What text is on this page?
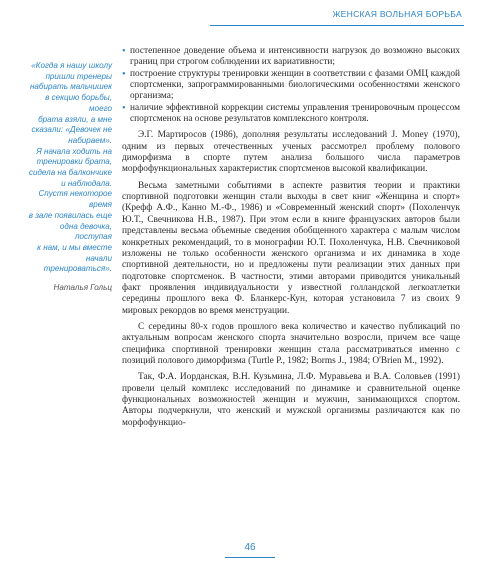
ЖЕНСКАЯ ВОЛЬНАЯ БОРЬБА
«Когда я нашу школу
пришли тренеры
набирать мальчишек
в секцию борьбы, моего
брата взяли, а мне
сказали: «Девочек не
набираем».
Я начала ходить на
тренировки брата,
сидела на балкончике
и наблюдала.
Спустя некоторое время
в зале появилась еще
одна девочка, поступая
к нам, и мы вместе начали
тренироваться».
Наталья Гольц

• постепенное доведение объема и интенсивности нагрузок до возможно высоких границ при строгом соблюдении их вариативности;

• построение структуры тренировки женщин в соответствии с фазами ОМЦ каждой спортсменки, запрограммированными биологическими особенностями женского организма;

• наличие эффективной коррекции системы управления тренировочным процессом спортсменок на основе результатов комплексного контроля.

Э.Г. Мартиросов (1986), дополняя результаты исследований J. Money (1970), одним из первых отечественных ученых рассмотрел проблему полового диморфизма в спорте путем анализа большого числа параметров морфофункциональных характеристик спортсменов высокой квалификации.

Весьма заметными событиями в аспекте развития теории и практики спортивной подготовки женщин стали выходы в свет книг «Женщина и спорт» (Крефф А.Ф., Канно М.-Ф., 1986) и «Современный женский спорт» (Похоленчук Ю.Т., Свечникова Н.В., 1987). При этом если в книге французских авторов были представлены весьма объемные сведения обобщенного характера с малым числом конкретных рекомендаций, то в монографии Ю.Т. Похоленчука, Н.В. Свечниковой изложены не только особенности женского организма и их динамика в ходе спортивной деятельности, но и предложены пути реализации этих данных при подготовке спортсменок. В частности, этими авторами приводится уникальный факт проявления индивидуальности у известной голландской легкоатлетки середины прошлого века Ф. Бланкерс-Кун, которая установила 7 из своих 9 мировых рекордов во время менструации.

С середины 80-х годов прошлого века количество и качество публикаций по актуальным вопросам женского спорта значительно возросли, причем все чаще специфика спортивной тренировки женщин стала рассматриваться именно с позиций полового диморфизма (Turtle P., 1982; Borms J., 1984; O'Brien M., 1992).

Так, Ф.А. Иорданская, В.Н. Кузьмина, Л.Ф. Муравьева и В.А. Соловьев (1991) провели целый комплекс исследований по динамике и сравнительной оценке функциональных возможностей женщин и мужчин, занимающихся спортом. Авторы подчеркнули, что женский и мужской организмы различаются как по морфофункцио-

46
